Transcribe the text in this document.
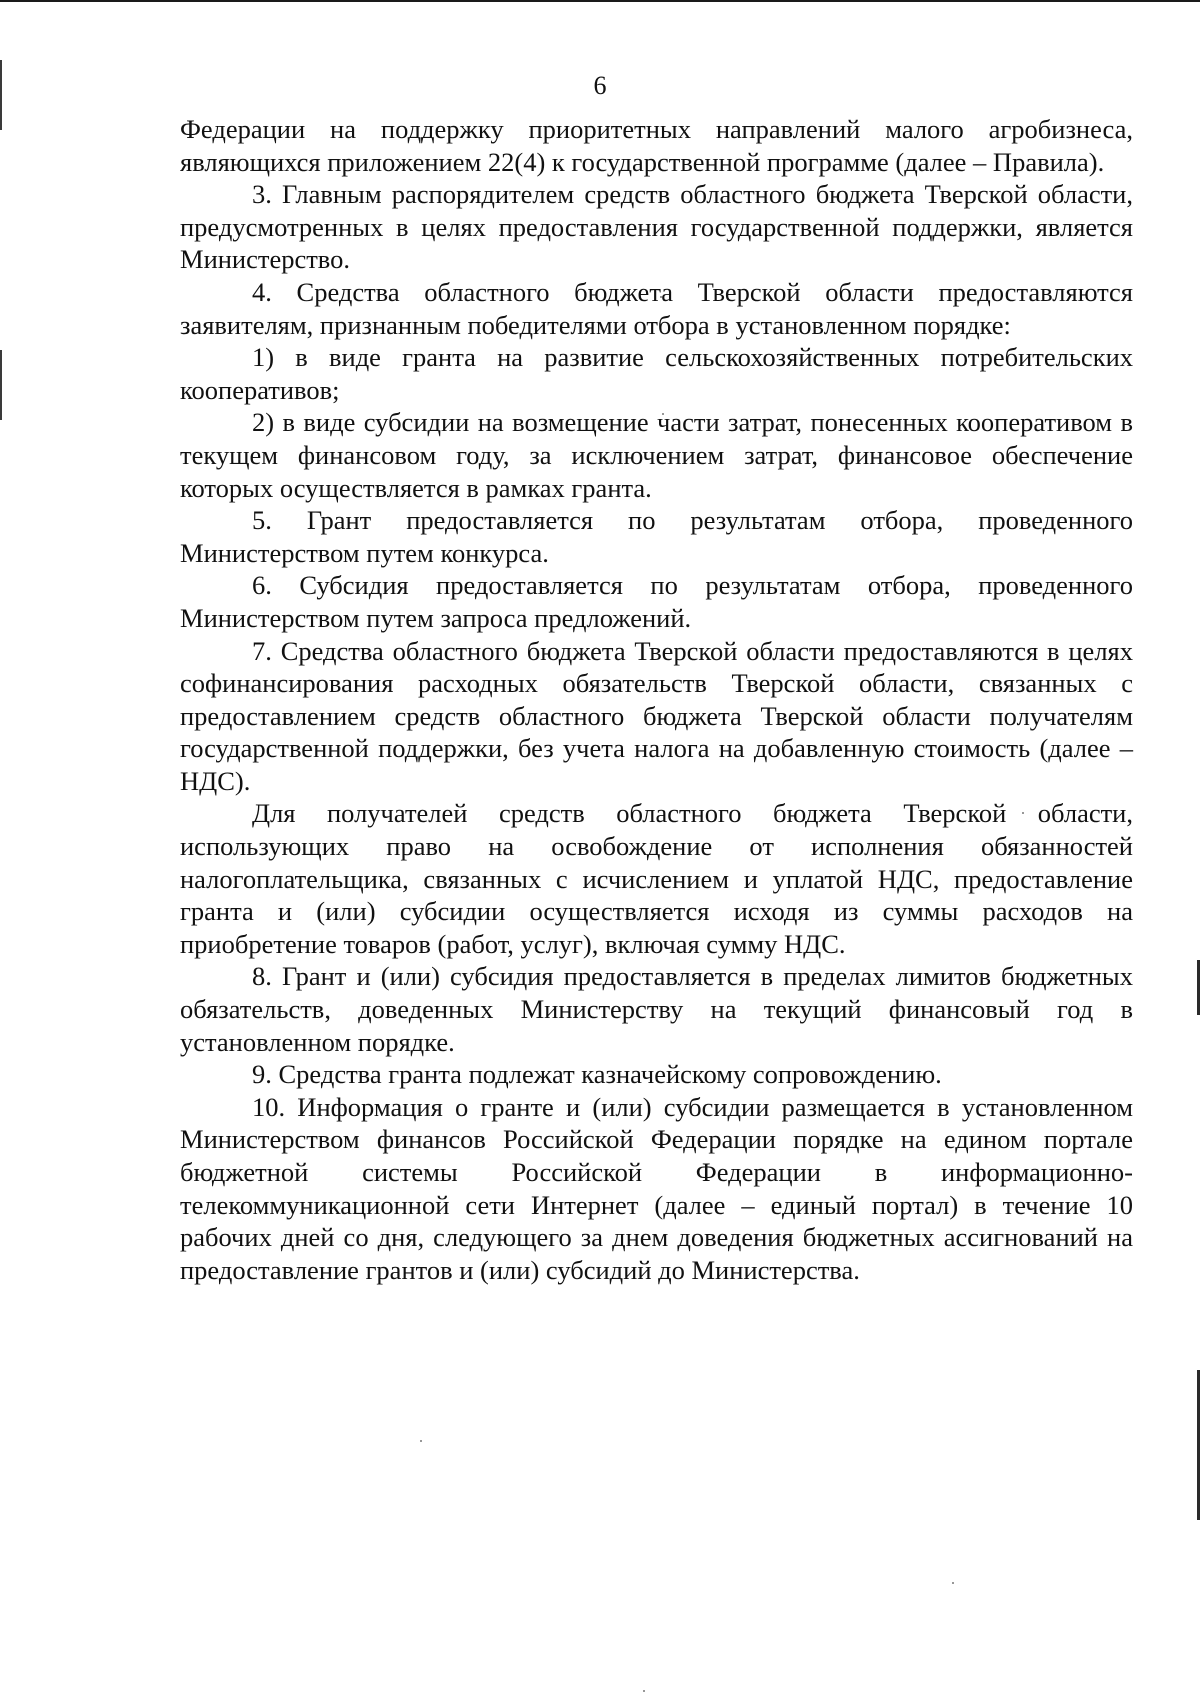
6

Федерации на поддержку приоритетных направлений малого агробизнеса, являющихся приложением 22(4) к государственной программе (далее – Правила).

3. Главным распорядителем средств областного бюджета Тверской области, предусмотренных в целях предоставления государственной поддержки, является Министерство.

4. Средства областного бюджета Тверской области предоставляются заявителям, признанным победителями отбора в установленном порядке:

1) в виде гранта на развитие сельскохозяйственных потребительских кооперативов;

2) в виде субсидии на возмещение части затрат, понесенных кооперативом в текущем финансовом году, за исключением затрат, финансовое обеспечение которых осуществляется в рамках гранта.

5. Грант предоставляется по результатам отбора, проведенного Министерством путем конкурса.

6. Субсидия предоставляется по результатам отбора, проведенного Министерством путем запроса предложений.

7. Средства областного бюджета Тверской области предоставляются в целях софинансирования расходных обязательств Тверской области, связанных с предоставлением средств областного бюджета Тверской области получателям государственной поддержки, без учета налога на добавленную стоимость (далее – НДС).

Для получателей средств областного бюджета Тверской области, использующих право на освобождение от исполнения обязанностей налогоплательщика, связанных с исчислением и уплатой НДС, предоставление гранта и (или) субсидии осуществляется исходя из суммы расходов на приобретение товаров (работ, услуг), включая сумму НДС.

8. Грант и (или) субсидия предоставляется в пределах лимитов бюджетных обязательств, доведенных Министерству на текущий финансовый год в установленном порядке.

9. Средства гранта подлежат казначейскому сопровождению.

10. Информация о гранте и (или) субсидии размещается в установленном Министерством финансов Российской Федерации порядке на едином портале бюджетной системы Российской Федерации в информационно-телекоммуникационной сети Интернет (далее – единый портал) в течение 10 рабочих дней со дня, следующего за днем доведения бюджетных ассигнований на предоставление грантов и (или) субсидий до Министерства.
